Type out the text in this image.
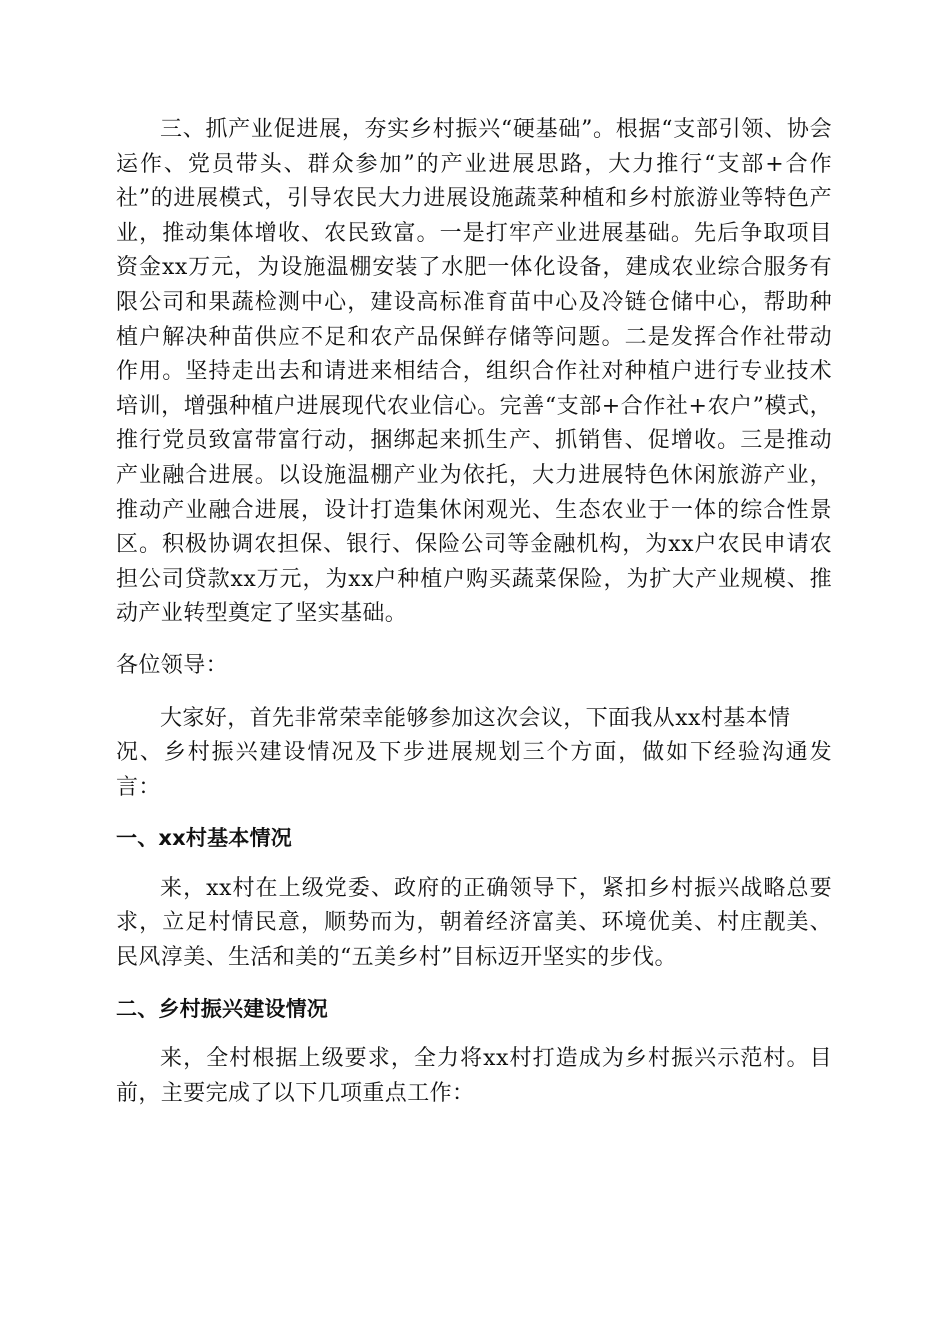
三、抓产业促进展，夯实乡村振兴“硬基础”。根据“支部引领、协会运作、党员带头、群众参加”的产业进展思路，大力推行“支部+合作社”的进展模式，引导农民大力进展设施蔬菜种植和乡村旅游业等特色产业，推动集体增收、农民致富。一是打牢产业进展基础。先后争取项目资金xx万元，为设施温棚安装了水肥一体化设备，建成农业综合服务有限公司和果蔬检测中心，建设高标准育苗中心及冷链仓储中心，帮助种植户解决种苗供应不足和农产品保鲜存储等问题。二是发挥合作社带动作用。坚持走出去和请进来相结合，组织合作社对种植户进行专业技术培训，增强种植户进展现代农业信心。完善“支部+合作社+农户”模式，推行党员致富带富行动，捆绑起来抓生产、抓销售、促增收。三是推动产业融合进展。以设施温棚产业为依托，大力进展特色休闲旅游产业，推动产业融合进展，设计打造集休闲观光、生态农业于一体的综合性景区。积极协调农担保、银行、保险公司等金融机构，为xx户农民申请农担公司贷款xx万元，为xx户种植户购买蔬菜保险，为扩大产业规模、推动产业转型奠定了坚实基础。

各位领导：

大家好，首先非常荣幸能够参加这次会议，下面我从xx村基本情
况、乡村振兴建设情况及下步进展规划三个方面，做如下经验沟通发言：
一、xx村基本情况

来，xx村在上级党委、政府的正确领导下，紧扣乡村振兴战略总要求，立足村情民意，顺势而为，朝着经济富美、环境优美、村庄靓美、民风淳美、生活和美的“五美乡村”目标迈开坚实的步伐。

二、乡村振兴建设情况

来，全村根据上级要求，全力将xx村打造成为乡村振兴示范村。目前，主要完成了以下几项重点工作：
